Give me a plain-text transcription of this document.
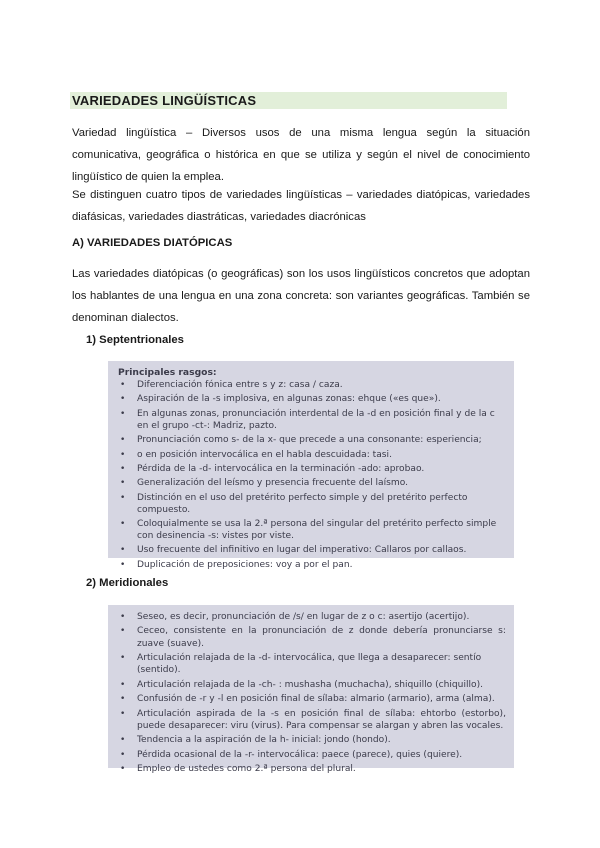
VARIEDADES LINGÜÍSTICAS
Variedad lingüística – Diversos usos de una misma lengua según la situación comunicativa, geográfica o histórica en que se utiliza y según el nivel de conocimiento lingüístico de quien la emplea.
Se distinguen cuatro tipos de variedades lingüísticas – variedades diatópicas, variedades diafásicas, variedades diastráticas, variedades diacrónicas
A) VARIEDADES DIATÓPICAS
Las variedades diatópicas (o geográficas) son los usos lingüísticos concretos que adoptan los hablantes de una lengua en una zona concreta: son variantes geográficas. También se denominan dialectos.
1) Septentrionales
Principales rasgos:
• Diferenciación fónica entre s y z: casa / caza.
• Aspiración de la -s implosiva, en algunas zonas: ehque («es que»).
• En algunas zonas, pronunciación interdental de la -d en posición final y de la c en el grupo -ct-: Madriz, pazto.
• Pronunciación como s- de la x- que precede a una consonante: esperiencia;
• o en posición intervocálica en el habla descuidada: tasi.
• Pérdida de la -d- intervocálica en la terminación -ado: aprobao.
• Generalización del leísmo y presencia frecuente del laísmo.
• Distinción en el uso del pretérito perfecto simple y del pretérito perfecto compuesto.
• Coloquialmente se usa la 2.ª persona del singular del pretérito perfecto simple con desinencia -s: vistes por viste.
• Uso frecuente del infinitivo en lugar del imperativo: Callaros por callaos.
• Duplicación de preposiciones: voy a por el pan.
2) Meridionales
• Seseo, es decir, pronunciación de /s/ en lugar de z o c: asertijo (acertijo).
• Ceceo, consistente en la pronunciación de z donde debería pronunciarse s: zuave (suave).
• Articulación relajada de la -d- intervocálica, que llega a desaparecer: sentío (sentido).
• Articulación relajada de la -ch- : mushasha (muchacha), shiquillo (chiquillo).
• Confusión de -r y -l en posición final de sílaba: almario (armario), arma (alma).
• Articulación aspirada de la -s en posición final de sílaba: ehtorbo (estorbo), puede desaparecer: viru (virus). Para compensar se alargan y abren las vocales.
• Tendencia a la aspiración de la h- inicial: jondo (hondo).
• Pérdida ocasional de la -r- intervocálica: paece (parece), quies (quiere).
• Empleo de ustedes como 2.ª persona del plural.
